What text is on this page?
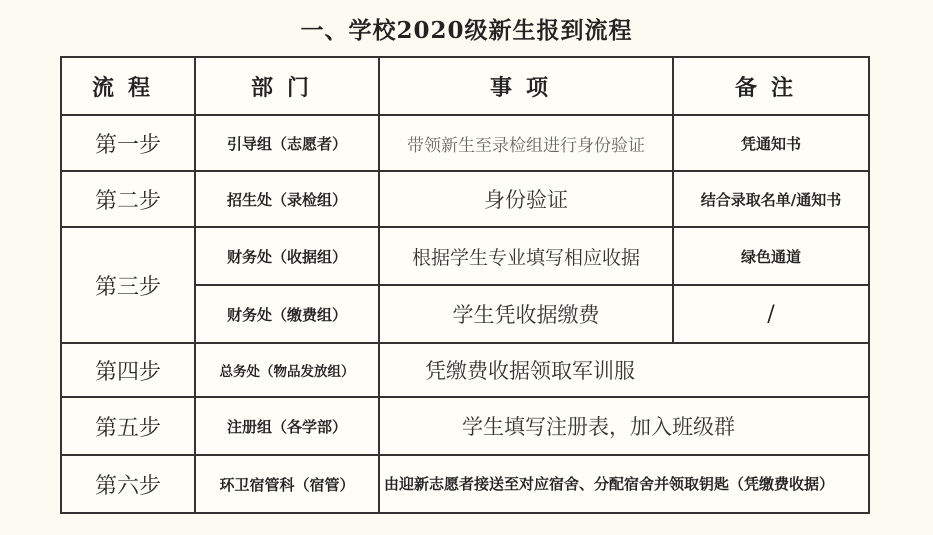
一、学校2020级新生报到流程
流程	部门	事项	备注
第一步	引导组（志愿者）	带领新生至录检组进行身份验证	凭通知书
第二步	招生处（录检组）	身份验证	结合录取名单/通知书
第三步	财务处（收据组）	根据学生专业填写相应收据	绿色通道
	财务处（缴费组）	学生凭收据缴费	/
第四步	总务处（物品发放组）	凭缴费收据领取军训服	
第五步	注册组（各学部）	学生填写注册表，加入班级群	
第六步	环卫宿管科（宿管）	由迎新志愿者接送至对应宿舍、分配宿舍并领取钥匙（凭缴费收据）	
